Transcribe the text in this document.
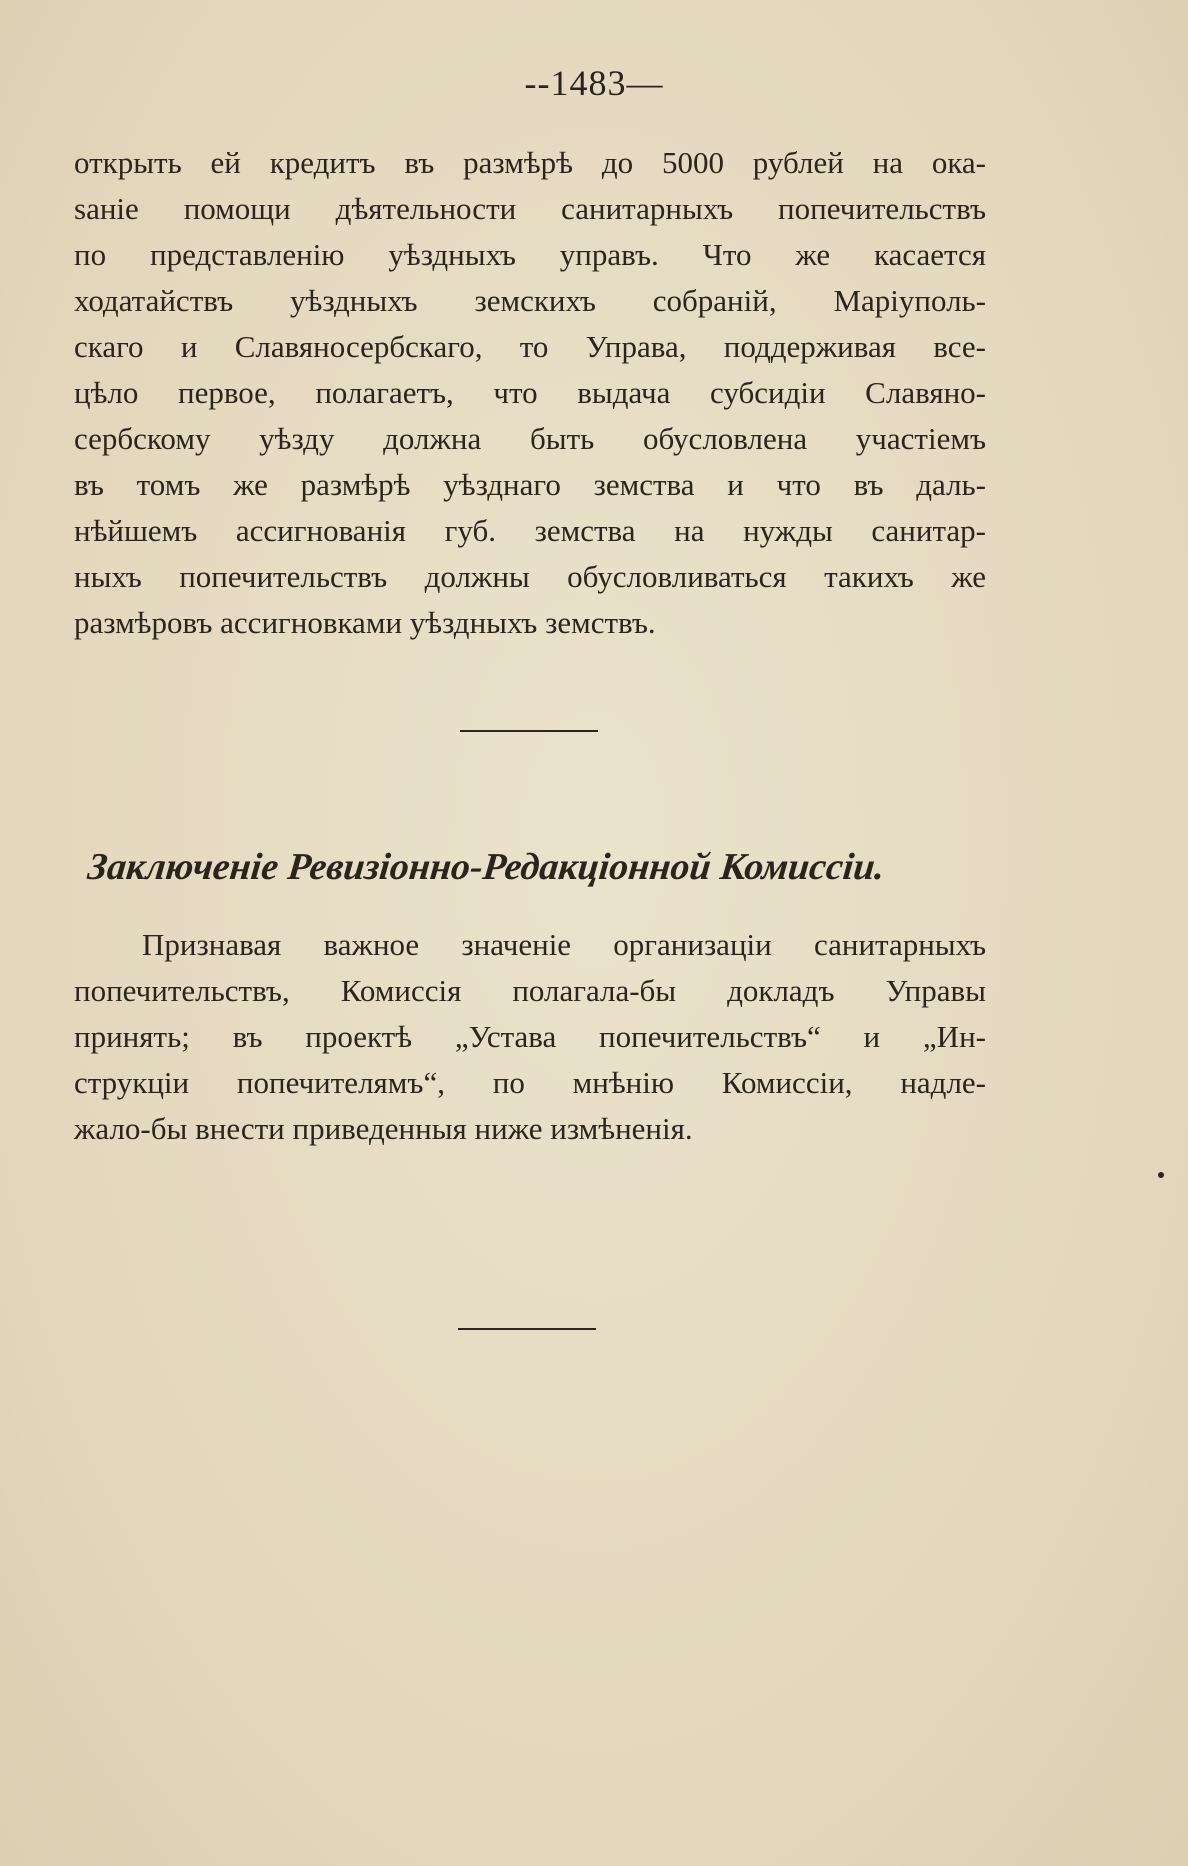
--1483—
открыть ей кредитъ въ размѣрѣ до 5000 рублей на ока-
ѕаніе помощи дѣятельности санитарныхъ попечительствъ
по представленію уѣздныхъ управъ. Что же касается
ходатайствъ уѣздныхъ земскихъ собраній, Маріуполь-
скаго и Славяносербскаго, то Управа, поддерживая все-
цѣло первое, полагаетъ, что выдача субсидіи Славяно-
сербскому уѣзду должна быть обусловлена участіемъ
въ томъ же размѣрѣ уѣзднаго земства и что въ даль-
нѣйшемъ ассигнованія губ. земства на нужды санитар-
ныхъ попечительствъ должны обусловливаться такихъ же
размѣровъ ассигновками уѣздныхъ земствъ.
Заключеніе Ревизіонно-Редакціонной Комиссіи.
Признавая важное значеніе организаціи санитарныхъ
попечительствъ, Комиссія полагала-бы докладъ Управы
принять; въ проектѣ „Устава попечительствъ“ и „Ин-
струкціи попечителямъ“, по мнѣнію Комиссіи, надле-
жало-бы внести приведенныя ниже измѣненія.
